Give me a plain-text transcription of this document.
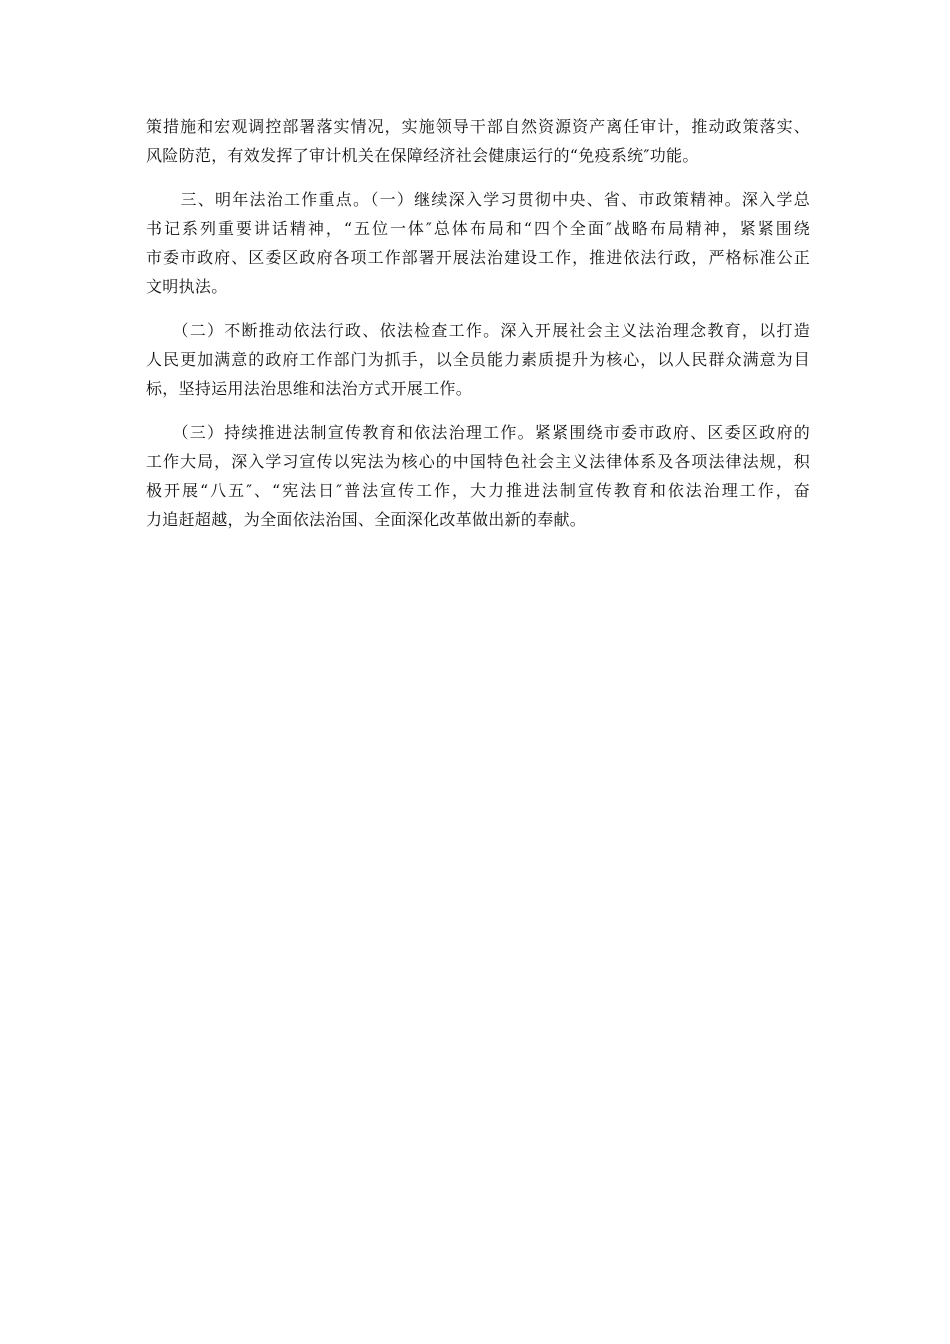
策措施和宏观调控部署落实情况，实施领导干部自然资源资产离任审计，推动政策落实、
风险防范，有效发挥了审计机关在保障经济社会健康运行的“免疫系统″功能。
　　三、明年法治工作重点。（一）继续深入学习贯彻中央、省、市政策精神。深入学总
书记系列重要讲话精神，“五位一体″总体布局和“四个全面″战略布局精神，紧紧围绕
市委市政府、区委区政府各项工作部署开展法治建设工作，推进依法行政，严格标准公正
文明执法。
　　（二）不断推动依法行政、依法检查工作。深入开展社会主义法治理念教育，以打造
人民更加满意的政府工作部门为抓手，以全员能力素质提升为核心，以人民群众满意为目
标，坚持运用法治思维和法治方式开展工作。
　　（三）持续推进法制宣传教育和依法治理工作。紧紧围绕市委市政府、区委区政府的
工作大局，深入学习宣传以宪法为核心的中国特色社会主义法律体系及各项法律法规，积
极开展“八五″、“宪法日″普法宣传工作，大力推进法制宣传教育和依法治理工作，奋
力追赶超越，为全面依法治国、全面深化改革做出新的奉献。
